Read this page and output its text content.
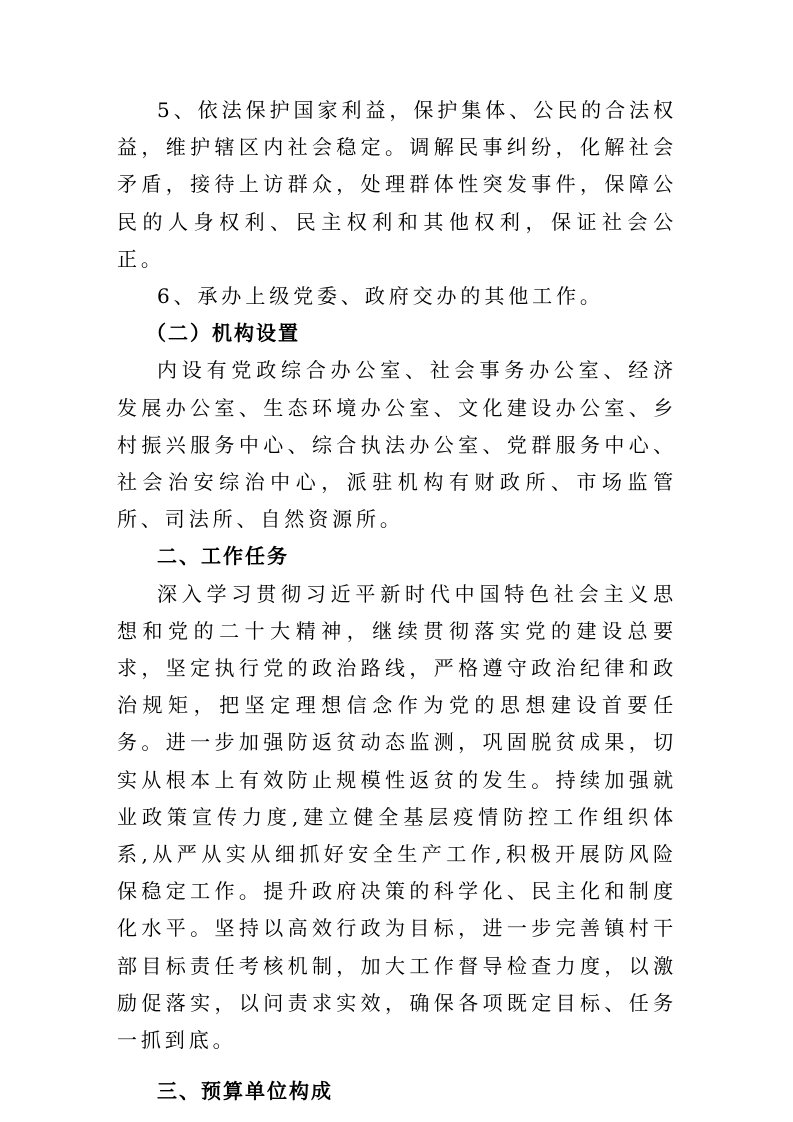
5、依法保护国家利益，保护集体、公民的合法权益，维护辖区内社会稳定。调解民事纠纷，化解社会矛盾，接待上访群众，处理群体性突发事件，保障公民的人身权利、民主权利和其他权利，保证社会公正。

6、承办上级党委、政府交办的其他工作。

（二）机构设置

内设有党政综合办公室、社会事务办公室、经济发展办公室、生态环境办公室、文化建设办公室、乡村振兴服务中心、综合执法办公室、党群服务中心、社会治安综治中心，派驻机构有财政所、市场监管所、司法所、自然资源所。

二、工作任务

深入学习贯彻习近平新时代中国特色社会主义思想和党的二十大精神，继续贯彻落实党的建设总要求，坚定执行党的政治路线，严格遵守政治纪律和政治规矩，把坚定理想信念作为党的思想建设首要任务。进一步加强防返贫动态监测，巩固脱贫成果，切实从根本上有效防止规模性返贫的发生。持续加强就业政策宣传力度,建立健全基层疫情防控工作组织体系,从严从实从细抓好安全生产工作,积极开展防风险保稳定工作。提升政府决策的科学化、民主化和制度化水平。坚持以高效行政为目标，进一步完善镇村干部目标责任考核机制，加大工作督导检查力度，以激励促落实，以问责求实效，确保各项既定目标、任务一抓到底。

三、预算单位构成
